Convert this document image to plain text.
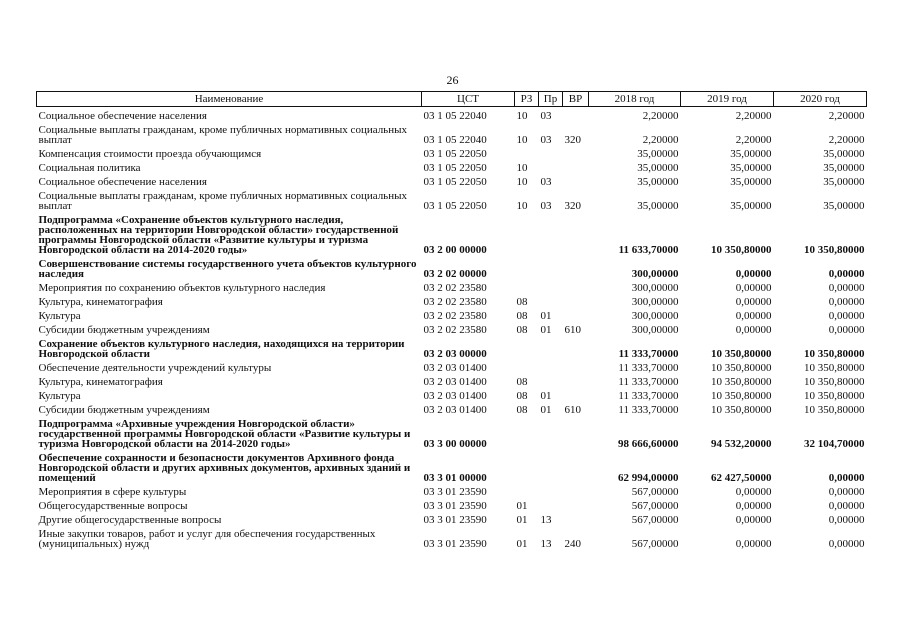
26
Наименование	ЦСТ	РЗ	Пр	ВР	2018 год	2019 год	2020 год
Социальное обеспечение населения	03 1 05 22040	10	03		2,20000	2,20000	2,20000
Социальные выплаты гражданам, кроме публичных нормативных социальных выплат	03 1 05 22040	10	03	320	2,20000	2,20000	2,20000
Компенсация стоимости проезда обучающимся	03 1 05 22050				35,00000	35,00000	35,00000
Социальная политика	03 1 05 22050	10			35,00000	35,00000	35,00000
Социальное обеспечение населения	03 1 05 22050	10	03		35,00000	35,00000	35,00000
Социальные выплаты гражданам, кроме публичных нормативных социальных выплат	03 1 05 22050	10	03	320	35,00000	35,00000	35,00000
Подпрограмма «Сохранение объектов культурного наследия, расположенных на территории Новгородской области» государственной программы Новгородской области «Развитие культуры и туризма Новгородской области на 2014-2020 годы»	03 2 00 00000				11 633,70000	10 350,80000	10 350,80000
Совершенствование системы государственного учета объектов культурного наследия	03 2 02 00000				300,00000	0,00000	0,00000
Мероприятия по сохранению объектов культурного наследия	03 2 02 23580				300,00000	0,00000	0,00000
Культура, кинематография	03 2 02 23580	08			300,00000	0,00000	0,00000
Культура	03 2 02 23580	08	01		300,00000	0,00000	0,00000
Субсидии бюджетным учреждениям	03 2 02 23580	08	01	610	300,00000	0,00000	0,00000
Сохранение объектов культурного наследия, находящихся на территории Новгородской области	03 2 03 00000				11 333,70000	10 350,80000	10 350,80000
Обеспечение деятельности учреждений культуры	03 2 03 01400				11 333,70000	10 350,80000	10 350,80000
Культура, кинематография	03 2 03 01400	08			11 333,70000	10 350,80000	10 350,80000
Культура	03 2 03 01400	08	01		11 333,70000	10 350,80000	10 350,80000
Субсидии бюджетным учреждениям	03 2 03 01400	08	01	610	11 333,70000	10 350,80000	10 350,80000
Подпрограмма «Архивные учреждения Новгородской области» государственной программы Новгородской области «Развитие культуры и туризма Новгородской области на 2014-2020 годы»	03 3 00 00000				98 666,60000	94 532,20000	32 104,70000
Обеспечение сохранности и безопасности документов Архивного фонда Новгородской области и других архивных документов, архивных зданий и помещений	03 3 01 00000				62 994,00000	62 427,50000	0,00000
Мероприятия в сфере культуры	03 3 01 23590				567,00000	0,00000	0,00000
Общегосударственные вопросы	03 3 01 23590	01			567,00000	0,00000	0,00000
Другие общегосударственные вопросы	03 3 01 23590	01	13		567,00000	0,00000	0,00000
Иные закупки товаров, работ и услуг для обеспечения государственных (муниципальных) нужд	03 3 01 23590	01	13	240	567,00000	0,00000	0,00000
